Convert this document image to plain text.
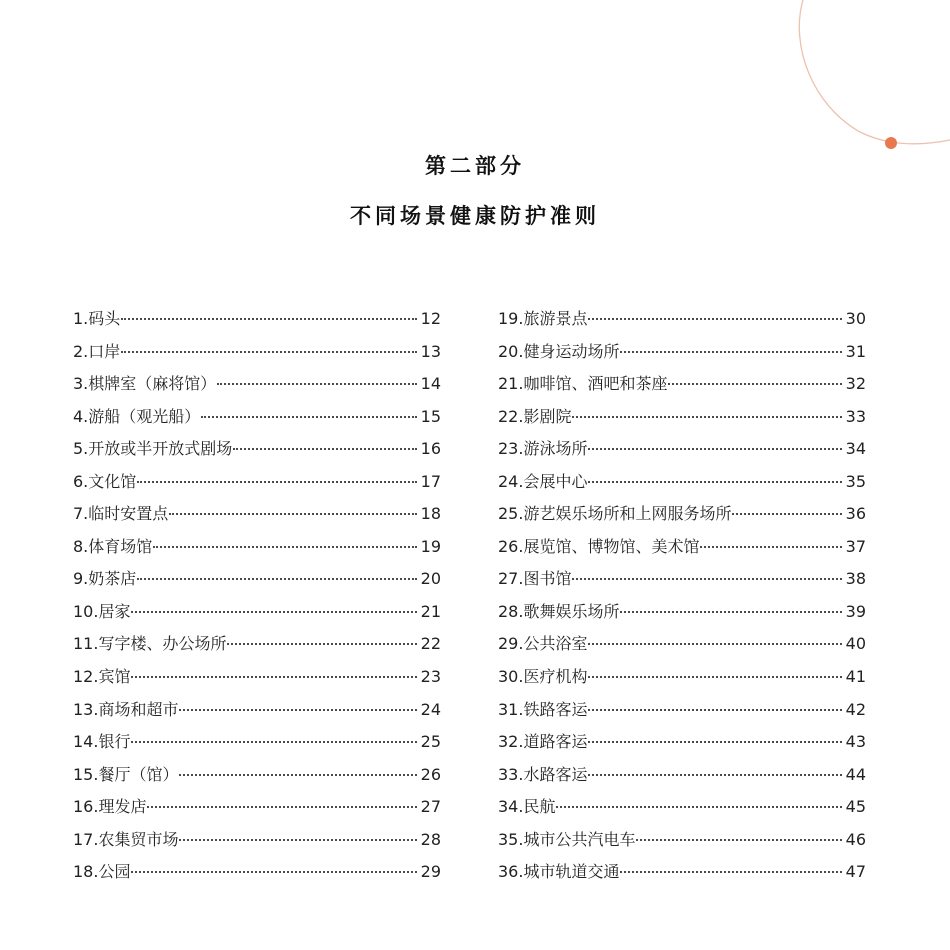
第二部分
不同场景健康防护准则
1.码头	12
2.口岸	13
3.棋牌室（麻将馆）	14
4.游船（观光船）	15
5.开放或半开放式剧场	16
6.文化馆	17
7.临时安置点	18
8.体育场馆	19
9.奶茶店	20
10.居家	21
11.写字楼、办公场所	22
12.宾馆	23
13.商场和超市	24
14.银行	25
15.餐厅（馆）	26
16.理发店	27
17.农集贸市场	28
18.公园	29
19.旅游景点	30
20.健身运动场所	31
21.咖啡馆、酒吧和茶座	32
22.影剧院	33
23.游泳场所	34
24.会展中心	35
25.游艺娱乐场所和上网服务场所	36
26.展览馆、博物馆、美术馆	37
27.图书馆	38
28.歌舞娱乐场所	39
29.公共浴室	40
30.医疗机构	41
31.铁路客运	42
32.道路客运	43
33.水路客运	44
34.民航	45
35.城市公共汽电车	46
36.城市轨道交通	47
